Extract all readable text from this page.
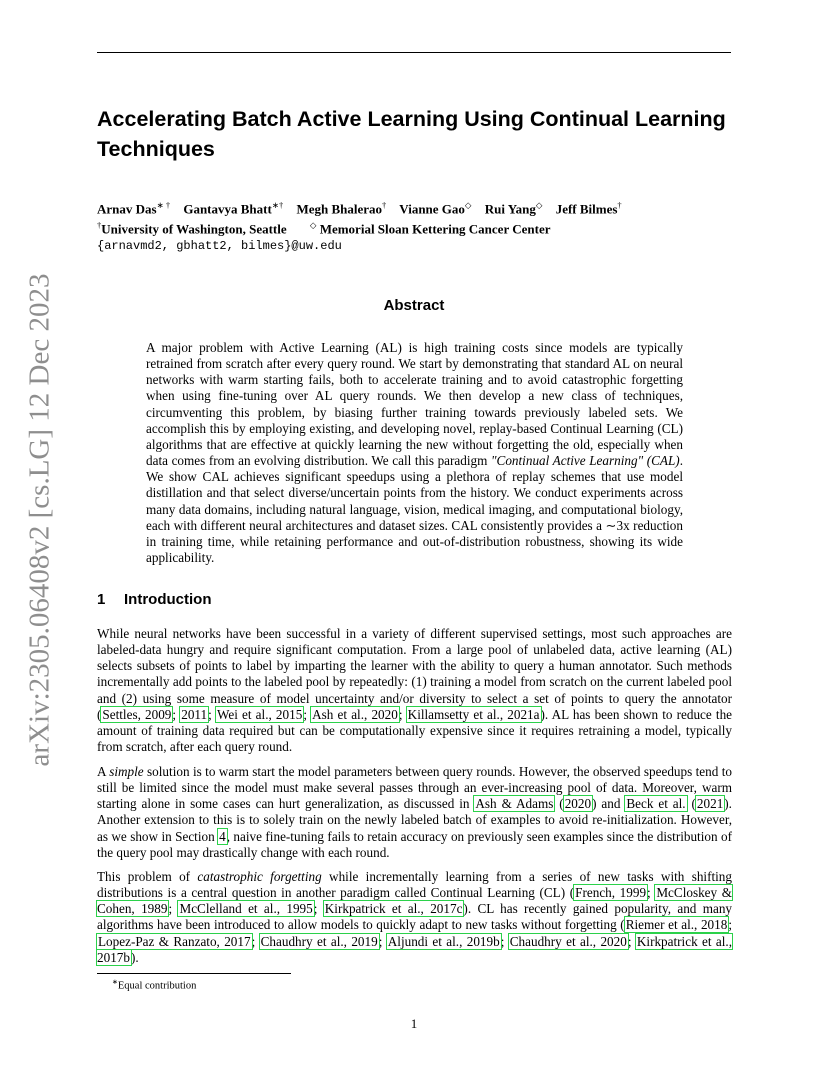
arXiv:2305.06408v2 [cs.LG] 12 Dec 2023
Accelerating Batch Active Learning Using Continual Learning Techniques
Arnav Das∗ † Gantavya Bhatt∗† Megh Bhalerao† Vianne Gao◇ Rui Yang◇ Jeff Bilmes†
†University of Washington, Seattle	◇ Memorial Sloan Kettering Cancer Center
{arnavmd2, gbhatt2, bilmes}@uw.edu
Abstract
A major problem with Active Learning (AL) is high training costs since models are typically retrained from scratch after every query round. We start by demonstrating that standard AL on neural networks with warm starting fails, both to accelerate training and to avoid catastrophic forgetting when using fine-tuning over AL query rounds. We then develop a new class of techniques, circumventing this problem, by biasing further training towards previously labeled sets. We accomplish this by employing existing, and developing novel, replay-based Continual Learning (CL) algorithms that are effective at quickly learning the new without forgetting the old, especially when data comes from an evolving distribution. We call this paradigm "Continual Active Learning" (CAL). We show CAL achieves significant speedups using a plethora of replay schemes that use model distillation and that select diverse/uncertain points from the history. We conduct experiments across many data domains, including natural language, vision, medical imaging, and computational biology, each with different neural architectures and dataset sizes. CAL consistently provides a ∼3x reduction in training time, while retaining performance and out-of-distribution robustness, showing its wide applicability.
1 Introduction
While neural networks have been successful in a variety of different supervised settings, most such approaches are labeled-data hungry and require significant computation. From a large pool of unlabeled data, active learning (AL) selects subsets of points to label by imparting the learner with the ability to query a human annotator. Such methods incrementally add points to the labeled pool by repeatedly: (1) training a model from scratch on the current labeled pool and (2) using some measure of model uncertainty and/or diversity to select a set of points to query the annotator (Settles, 2009; 2011; Wei et al., 2015; Ash et al., 2020; Killamsetty et al., 2021a). AL has been shown to reduce the amount of training data required but can be computationally expensive since it requires retraining a model, typically from scratch, after each query round.
A simple solution is to warm start the model parameters between query rounds. However, the observed speedups tend to still be limited since the model must make several passes through an ever-increasing pool of data. Moreover, warm starting alone in some cases can hurt generalization, as discussed in Ash & Adams (2020) and Beck et al. (2021). Another extension to this is to solely train on the newly labeled batch of examples to avoid re-initialization. However, as we show in Section 4, naive fine-tuning fails to retain accuracy on previously seen examples since the distribution of the query pool may drastically change with each round.
This problem of catastrophic forgetting while incrementally learning from a series of new tasks with shifting distributions is a central question in another paradigm called Continual Learning (CL) (French, 1999; McCloskey & Cohen, 1989; McClelland et al., 1995; Kirkpatrick et al., 2017c). CL has recently gained popularity, and many algorithms have been introduced to allow models to quickly adapt to new tasks without forgetting (Riemer et al., 2018; Lopez-Paz & Ranzato, 2017; Chaudhry et al., 2019; Aljundi et al., 2019b; Chaudhry et al., 2020; Kirkpatrick et al., 2017b).
∗Equal contribution
1
